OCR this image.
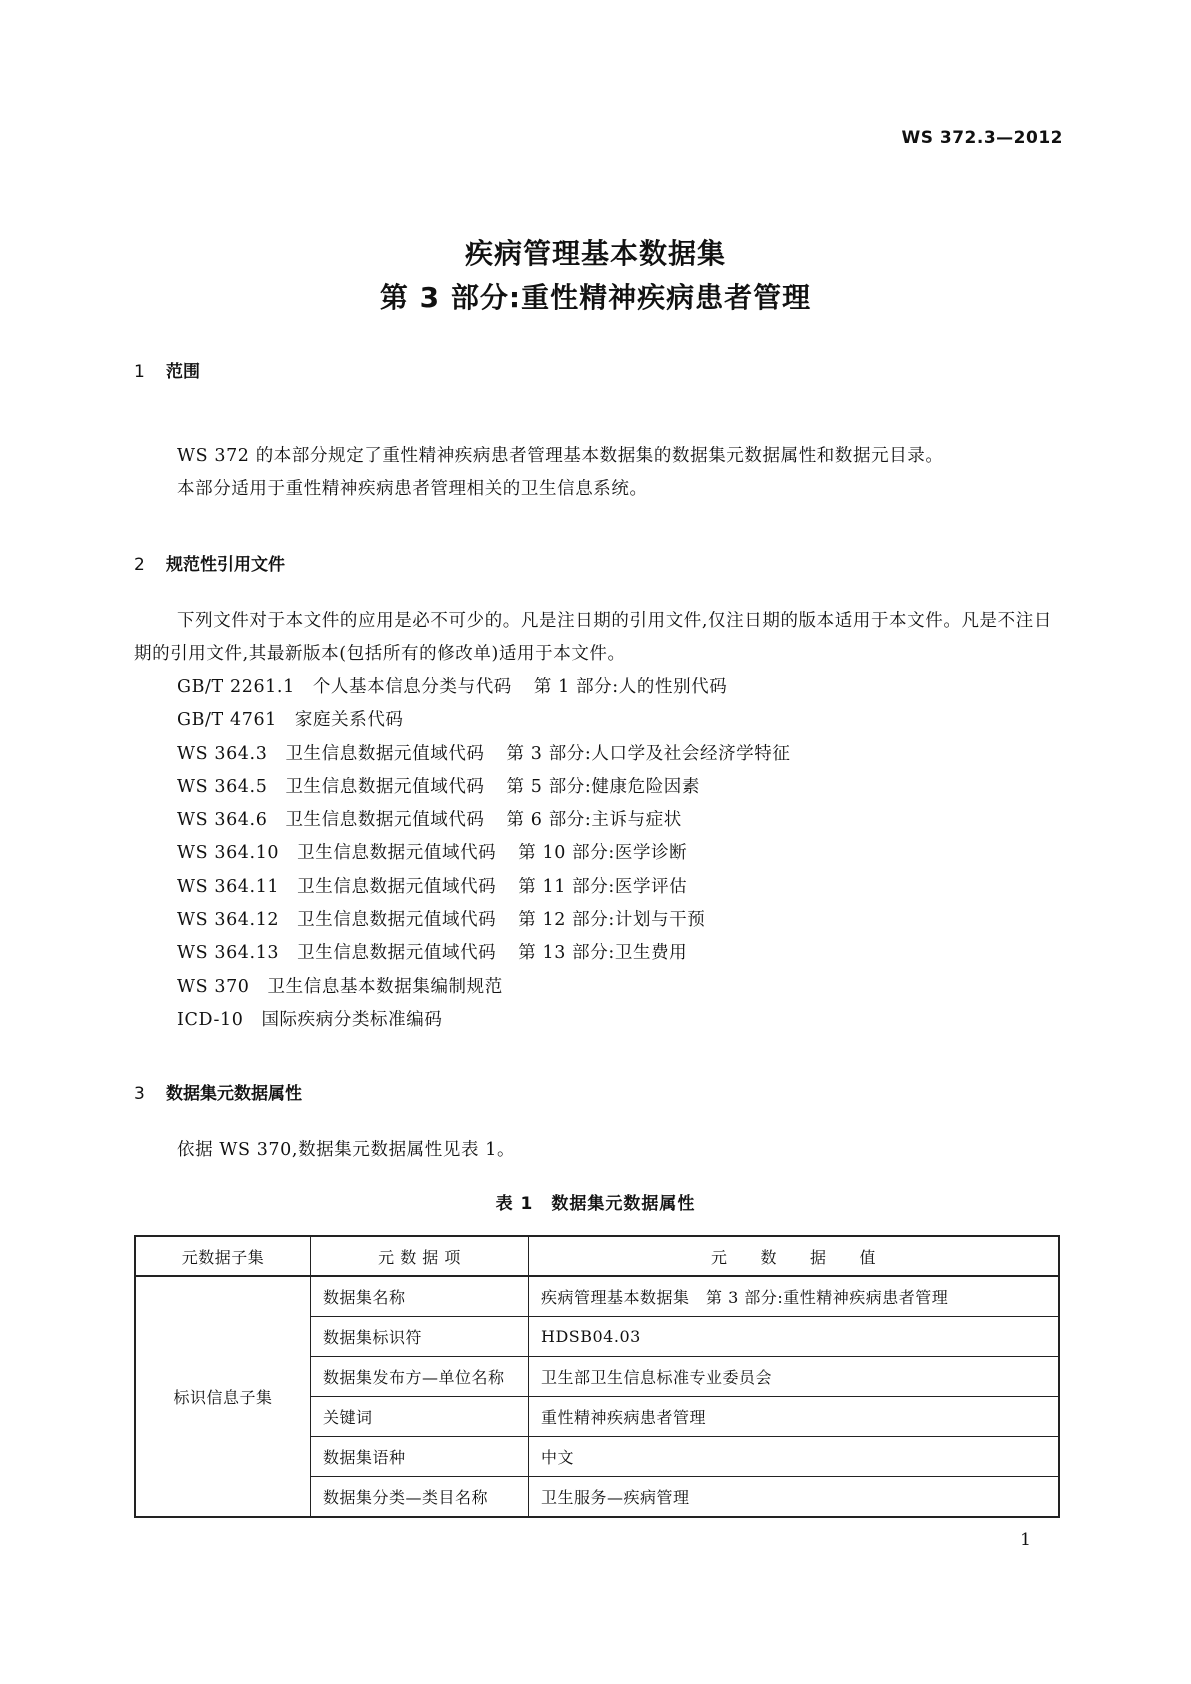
WS 372.3—2012
疾病管理基本数据集
第 3 部分:重性精神疾病患者管理
1 范围
WS 372 的本部分规定了重性精神疾病患者管理基本数据集的数据集元数据属性和数据元目录。
本部分适用于重性精神疾病患者管理相关的卫生信息系统。
2 规范性引用文件
下列文件对于本文件的应用是必不可少的。凡是注日期的引用文件,仅注日期的版本适用于本文件。凡是不注日期的引用文件,其最新版本(包括所有的修改单)适用于本文件。
GB/T 2261.1 个人基本信息分类与代码 第 1 部分:人的性别代码
GB/T 4761 家庭关系代码
WS 364.3 卫生信息数据元值域代码 第 3 部分:人口学及社会经济学特征
WS 364.5 卫生信息数据元值域代码 第 5 部分:健康危险因素
WS 364.6 卫生信息数据元值域代码 第 6 部分:主诉与症状
WS 364.10 卫生信息数据元值域代码 第 10 部分:医学诊断
WS 364.11 卫生信息数据元值域代码 第 11 部分:医学评估
WS 364.12 卫生信息数据元值域代码 第 12 部分:计划与干预
WS 364.13 卫生信息数据元值域代码 第 13 部分:卫生费用
WS 370 卫生信息基本数据集编制规范
ICD-10 国际疾病分类标准编码
3 数据集元数据属性
依据 WS 370,数据集元数据属性见表 1。
表 1　数据集元数据属性
元数据子集	元 数 据 项	元　　数　　据　　值
标识信息子集	数据集名称	疾病管理基本数据集　第 3 部分:重性精神疾病患者管理
	数据集标识符	HDSB04.03
	数据集发布方—单位名称	卫生部卫生信息标准专业委员会
	关键词	重性精神疾病患者管理
	数据集语种	中文
	数据集分类—类目名称	卫生服务—疾病管理
1
